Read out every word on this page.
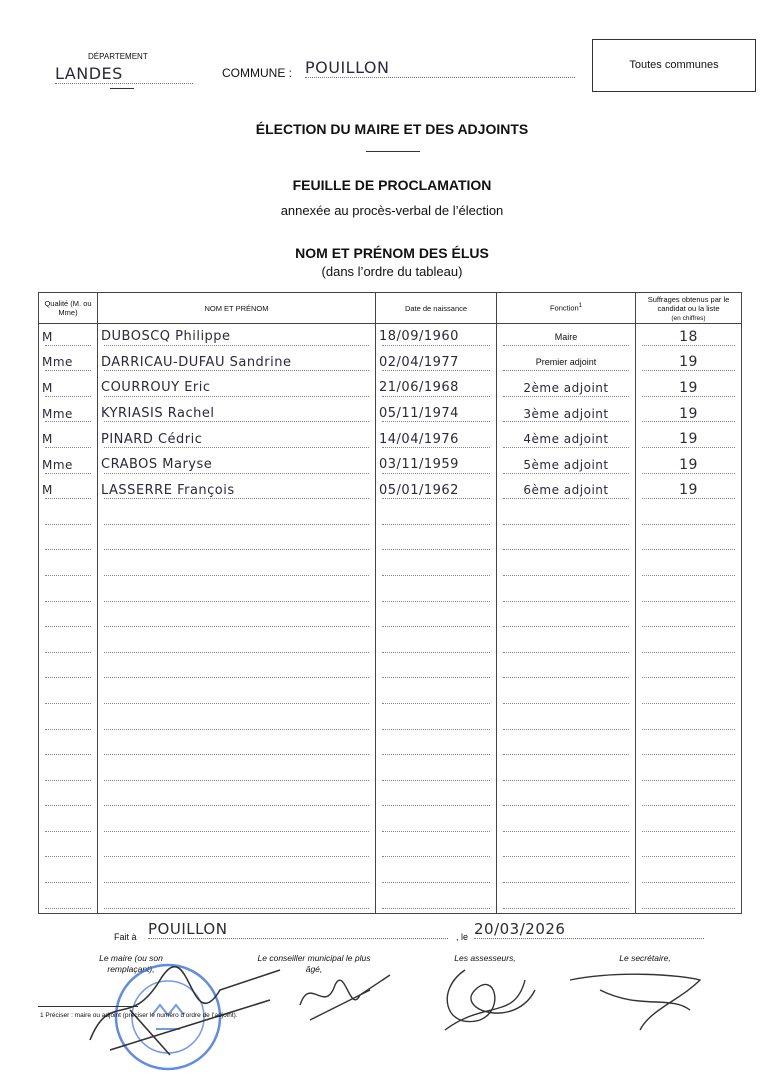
DÉPARTEMENT
LANDES	COMMUNE : POUILLON	Toutes communes
ÉLECTION DU MAIRE ET DES ADJOINTS
FEUILLE DE PROCLAMATION
annexée au procès-verbal de l’élection
NOM ET PRÉNOM DES ÉLUS
(dans l’ordre du tableau)
Qualité (M. ou Mme)	NOM ET PRÉNOM	Date de naissance	Fonction$^1$	Suffrages obtenus par le candidat ou la liste
(en chiffres)
M	DUBOSCQ Philippe	18/09/1960	Maire	18
Mme	DARRICAU-DUFAU Sandrine	02/04/1977	Premier adjoint	19
M	COURROUY Eric	21/06/1968	2ème adjoint	19
Mme	KYRIASIS Rachel	05/11/1974	3ème adjoint	19
M	PINARD Cédric	14/04/1976	4ème adjoint	19
Mme	CRABOS Maryse	03/11/1959	5ème adjoint	19
M	LASSERRE François	05/01/1962	6ème adjoint	19

Fait à POUILLON	, le 20/03/2026
Le maire (ou son remplaçant),
Le conseiller municipal le plus âgé,
Les assesseurs,	Le secrétaire,
1 Préciser : maire ou adjoint (préciser le numéro d’ordre de l’adjoint).
